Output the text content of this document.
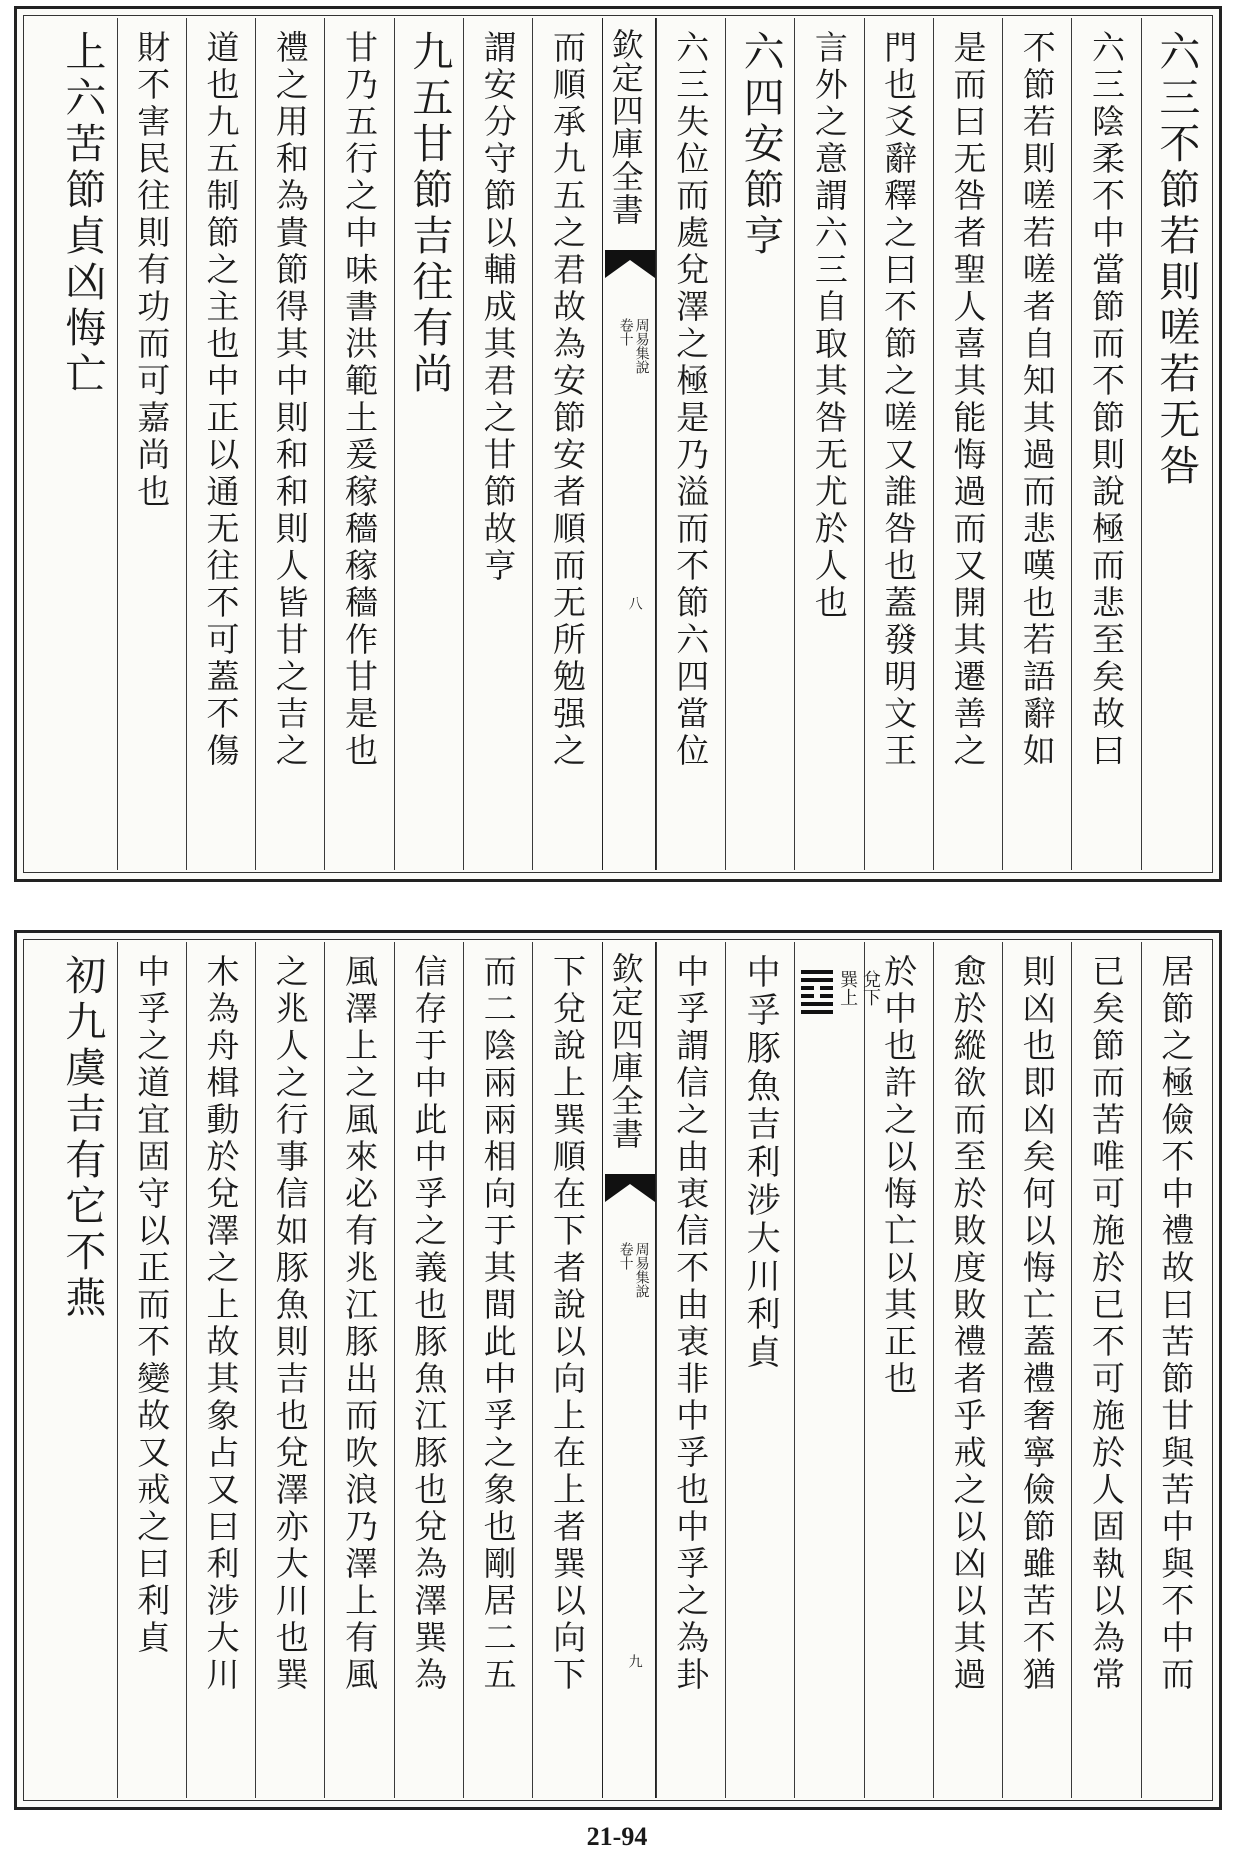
六三不節若則嗟若无咎
六三陰柔不中當節而不節則說極而悲至矣故曰
不節若則嗟若嗟者自知其過而悲嘆也若語辭如
是而曰无咎者聖人喜其能悔過而又開其遷善之
門也爻辭釋之曰不節之嗟又誰咎也蓋發明文王
言外之意謂六三自取其咎无尤於人也
六四安節亨
六三失位而處兌澤之極是乃溢而不節六四當位
欽定四庫全書
周易集說
卷十
八
而順承九五之君故為安節安者順而无所勉强之
謂安分守節以輔成其君之甘節故亨
九五甘節吉往有尚
甘乃五行之中味書洪範土爰稼穡稼穡作甘是也
禮之用和為貴節得其中則和和則人皆甘之吉之
道也九五制節之主也中正以通无往不可蓋不傷
財不害民往則有功而可嘉尚也
上六苦節貞凶悔亡
居節之極儉不中禮故曰苦節甘與苦中與不中而
已矣節而苦唯可施於已不可施於人固執以為常
則凶也即凶矣何以悔亡蓋禮奢寧儉節雖苦不猶
愈於縱欲而至於敗度敗禮者乎戒之以凶以其過
於中也許之以悔亡以其正也
兌下
巽上
中孚豚魚吉利涉大川利貞
中孚謂信之由衷信不由衷非中孚也中孚之為卦
欽定四庫全書
周易集說
卷十
九
下兌說上巽順在下者說以向上在上者巽以向下
而二陰兩兩相向于其間此中孚之象也剛居二五
信存于中此中孚之義也豚魚江豚也兌為澤巽為
風澤上之風來必有兆江豚出而吹浪乃澤上有風
之兆人之行事信如豚魚則吉也兌澤亦大川也巽
木為舟楫動於兌澤之上故其象占又曰利涉大川
中孚之道宜固守以正而不變故又戒之曰利貞
初九虞吉有它不燕
21-94
